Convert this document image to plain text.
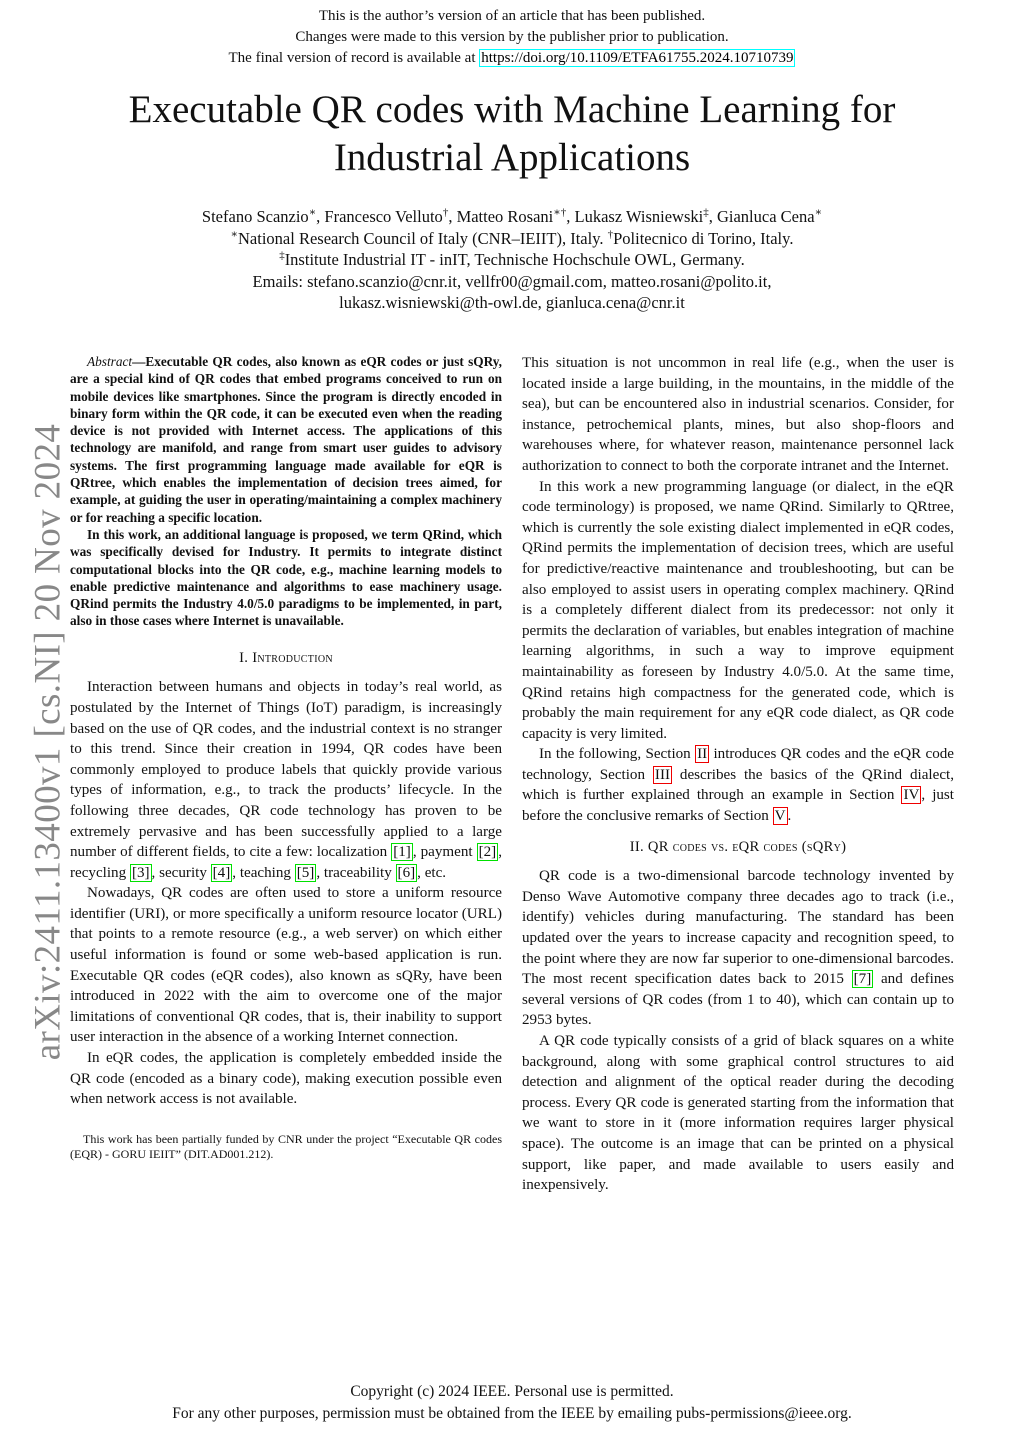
This is the author’s version of an article that has been published.
Changes were made to this version by the publisher prior to publication.
The final version of record is available at https://doi.org/10.1109/ETFA61755.2024.10710739
Executable QR codes with Machine Learning for Industrial Applications
Stefano Scanzio∗, Francesco Velluto†, Matteo Rosani∗†, Lukasz Wisniewski‡, Gianluca Cena∗
∗National Research Council of Italy (CNR–IEIIT), Italy. †Politecnico di Torino, Italy.
‡Institute Industrial IT - inIT, Technische Hochschule OWL, Germany.
Emails: stefano.scanzio@cnr.it, vellfr00@gmail.com, matteo.rosani@polito.it,
lukasz.wisniewski@th-owl.de, gianluca.cena@cnr.it
arXiv:2411.13400v1 [cs.NI] 20 Nov 2024

Abstract—Executable QR codes, also known as eQR codes or just sQRy, are a special kind of QR codes that embed programs conceived to run on mobile devices like smartphones. Since the program is directly encoded in binary form within the QR code, it can be executed even when the reading device is not provided with Internet access. The applications of this technology are manifold, and range from smart user guides to advisory systems. The first programming language made available for eQR is QRtree, which enables the implementation of decision trees aimed, for example, at guiding the user in operating/maintaining a complex machinery or for reaching a specific location.

In this work, an additional language is proposed, we term QRind, which was specifically devised for Industry. It permits to integrate distinct computational blocks into the QR code, e.g., machine learning models to enable predictive maintenance and algorithms to ease machinery usage. QRind permits the Industry 4.0/5.0 paradigms to be implemented, in part, also in those cases where Internet is unavailable.

I. Introduction

Interaction between humans and objects in today’s real world, as postulated by the Internet of Things (IoT) paradigm, is increasingly based on the use of QR codes, and the industrial context is no stranger to this trend. Since their creation in 1994, QR codes have been commonly employed to produce labels that quickly provide various types of information, e.g., to track the products’ lifecycle. In the following three decades, QR code technology has proven to be extremely pervasive and has been successfully applied to a large number of different fields, to cite a few: localization [1] , payment [2] , recycling [3] , security [4] , teaching [5] , traceability [6] , etc.

Nowadays, QR codes are often used to store a uniform resource identifier (URI), or more specifically a uniform resource locator (URL) that points to a remote resource (e.g., a web server) on which either useful information is found or some web-based application is run. Executable QR codes (eQR codes), also known as sQRy, have been introduced in 2022 with the aim to overcome one of the major limitations of conventional QR codes, that is, their inability to support user interaction in the absence of a working Internet connection.

In eQR codes, the application is completely embedded inside the QR code (encoded as a binary code), making execution possible even when network access is not available.

This work has been partially funded by CNR under the project “Executable QR codes (EQR) - GORU IEIIT” (DIT.AD001.212).

This situation is not uncommon in real life (e.g., when the user is located inside a large building, in the mountains, in the middle of the sea), but can be encountered also in industrial scenarios. Consider, for instance, petrochemical plants, mines, but also shop-floors and warehouses where, for whatever reason, maintenance personnel lack authorization to connect to both the corporate intranet and the Internet.

In this work a new programming language (or dialect, in the eQR code terminology) is proposed, we name QRind. Similarly to QRtree, which is currently the sole existing dialect implemented in eQR codes, QRind permits the implementation of decision trees, which are useful for predictive/reactive maintenance and troubleshooting, but can be also employed to assist users in operating complex machinery. QRind is a completely different dialect from its predecessor: not only it permits the declaration of variables, but enables integration of machine learning algorithms, in such a way to improve equipment maintainability as foreseen by Industry 4.0/5.0. At the same time, QRind retains high compactness for the generated code, which is probably the main requirement for any eQR code dialect, as QR code capacity is very limited.

In the following, Section II introduces QR codes and the eQR code technology, Section III describes the basics of the QRind dialect, which is further explained through an example in Section IV , just before the conclusive remarks of Section V .

II. QR codes vs. eQR codes (sQRy)

QR code is a two-dimensional barcode technology invented by Denso Wave Automotive company three decades ago to track (i.e., identify) vehicles during manufacturing. The standard has been updated over the years to increase capacity and recognition speed, to the point where they are now far superior to one-dimensional barcodes. The most recent specification dates back to 2015 [7] and defines several versions of QR codes (from 1 to 40), which can contain up to 2953 bytes.

A QR code typically consists of a grid of black squares on a white background, along with some graphical control structures to aid detection and alignment of the optical reader during the decoding process. Every QR code is generated starting from the information that we want to store in it (more information requires larger physical space). The outcome is an image that can be printed on a physical support, like paper, and made available to users easily and inexpensively.

Copyright (c) 2024 IEEE. Personal use is permitted.
For any other purposes, permission must be obtained from the IEEE by emailing pubs-permissions@ieee.org.
